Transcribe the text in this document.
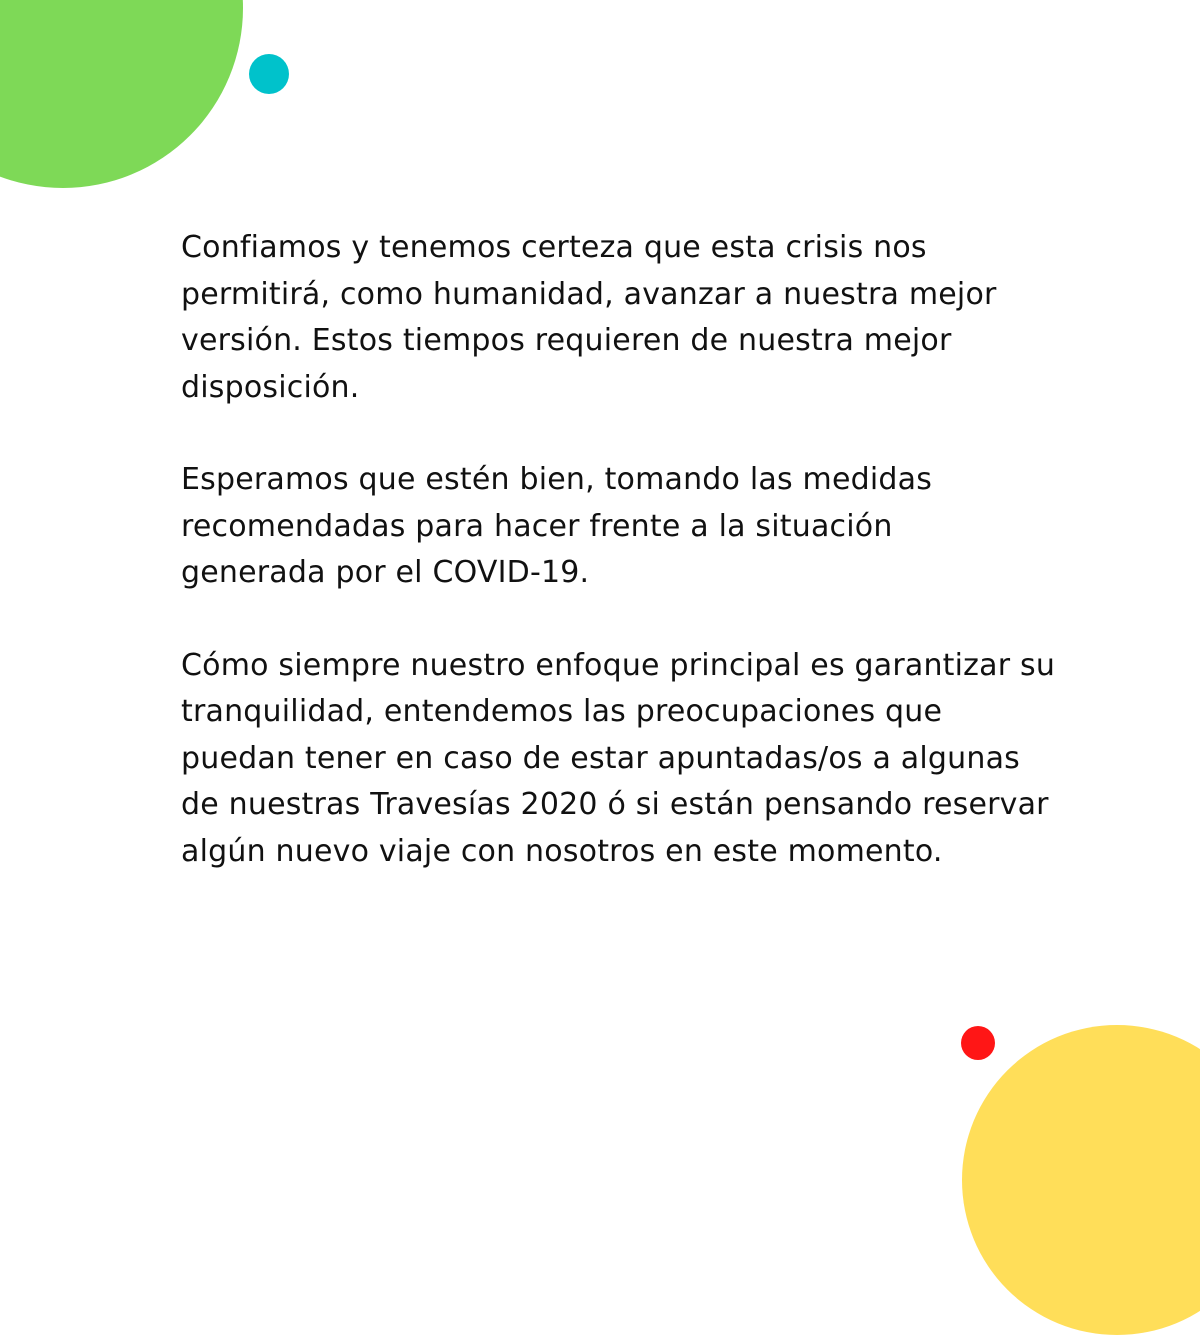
Confiamos y tenemos certeza que esta crisis nos
permitirá, como humanidad, avanzar a nuestra mejor
versión. Estos tiempos requieren de nuestra mejor
disposición.

Esperamos que estén bien, tomando las medidas
recomendadas para hacer frente a la situación
generada por el COVID-19.

Cómo siempre nuestro enfoque principal es garantizar su
tranquilidad, entendemos las preocupaciones que
puedan tener en caso de estar apuntadas/os a algunas
de nuestras Travesías 2020 ó si están pensando reservar
algún nuevo viaje con nosotros en este momento.
